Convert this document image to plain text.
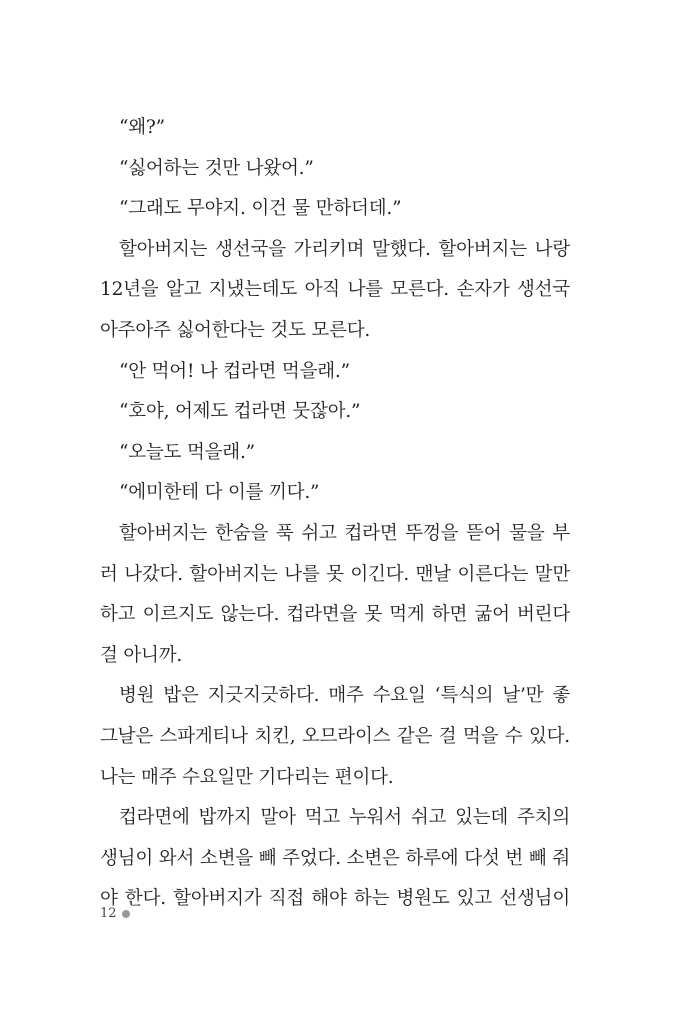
“왜?”
“싫어하는 것만 나왔어.”
“그래도 무야지. 이건 물 만하더데.”
할아버지는 생선국을 가리키며 말했다. 할아버지는 나랑
12년을 알고 지냈는데도 아직 나를 모른다. 손자가 생선국
아주아주 싫어한다는 것도 모른다.
“안 먹어! 나 컵라면 먹을래.”
“호야, 어제도 컵라면 뭇잖아.”
“오늘도 먹을래.”
“에미한테 다 이를 끼다.”
할아버지는 한숨을 푹 쉬고 컵라면 뚜껑을 뜯어 물을 부
러 나갔다. 할아버지는 나를 못 이긴다. 맨날 이른다는 말만
하고 이르지도 않는다. 컵라면을 못 먹게 하면 굶어 버린다
걸 아니까.
병원 밥은 지긋지긋하다. 매주 수요일 ‘특식의 날’만 좋
그날은 스파게티나 치킨, 오므라이스 같은 걸 먹을 수 있다.
나는 매주 수요일만 기다리는 편이다.
컵라면에 밥까지 말아 먹고 누워서 쉬고 있는데 주치의
생님이 와서 소변을 빼 주었다. 소변은 하루에 다섯 번 빼 줘
야 한다. 할아버지가 직접 해야 하는 병원도 있고 선생님이
12
